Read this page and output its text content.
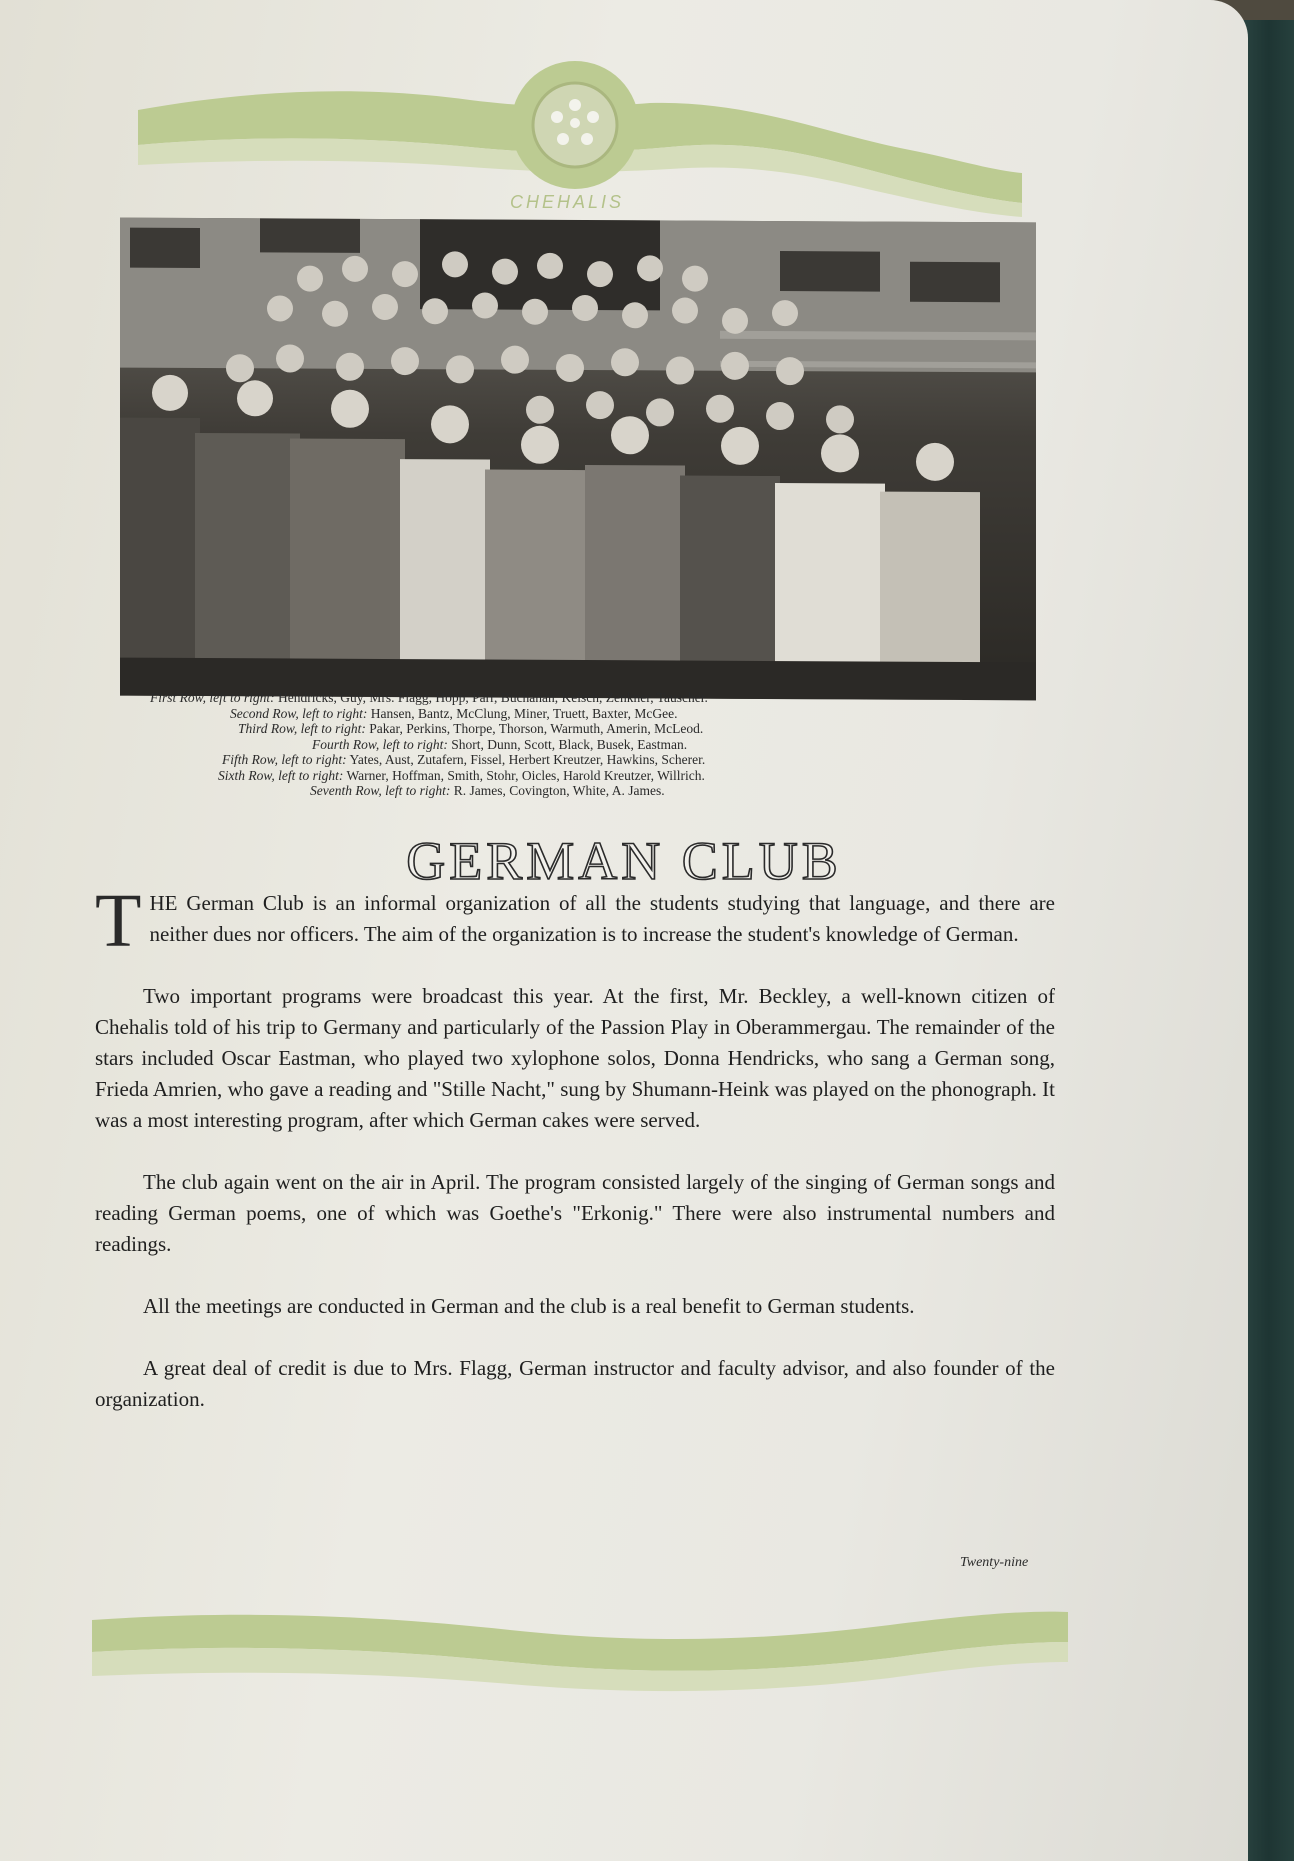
CHEHALIS
First Row, left to right: Hendricks, Guy, Mrs. Flagg, Hopp, Parr, Buchanan, Kelsch, Zenkner, Tauscher.
Second Row, left to right: Hansen, Bantz, McClung, Miner, Truett, Baxter, McGee.
Third Row, left to right: Pakar, Perkins, Thorpe, Thorson, Warmuth, Amerin, McLeod.
Fourth Row, left to right: Short, Dunn, Scott, Black, Busek, Eastman.
Fifth Row, left to right: Yates, Aust, Zutafern, Fissel, Herbert Kreutzer, Hawkins, Scherer.
Sixth Row, left to right: Warner, Hoffman, Smith, Stohr, Oicles, Harold Kreutzer, Willrich.
Seventh Row, left to right: R. James, Covington, White, A. James.
GERMAN CLUB

THE German Club is an informal organization of all the students studying that language, and there are neither dues nor officers. The aim of the organization is to increase the student's knowledge of German.

Two important programs were broadcast this year. At the first, Mr. Beckley, a well-known citizen of Chehalis told of his trip to Germany and particularly of the Passion Play in Oberammergau. The remainder of the stars included Oscar Eastman, who played two xylophone solos, Donna Hendricks, who sang a German song, Frieda Amrien, who gave a reading and "Stille Nacht," sung by Shumann-Heink was played on the phonograph. It was a most interesting program, after which German cakes were served.

The club again went on the air in April. The program consisted largely of the singing of German songs and reading German poems, one of which was Goethe's "Erkonig." There were also instrumental numbers and readings.

All the meetings are conducted in German and the club is a real benefit to German students.

A great deal of credit is due to Mrs. Flagg, German instructor and faculty advisor, and also founder of the organization.

Twenty-nine
